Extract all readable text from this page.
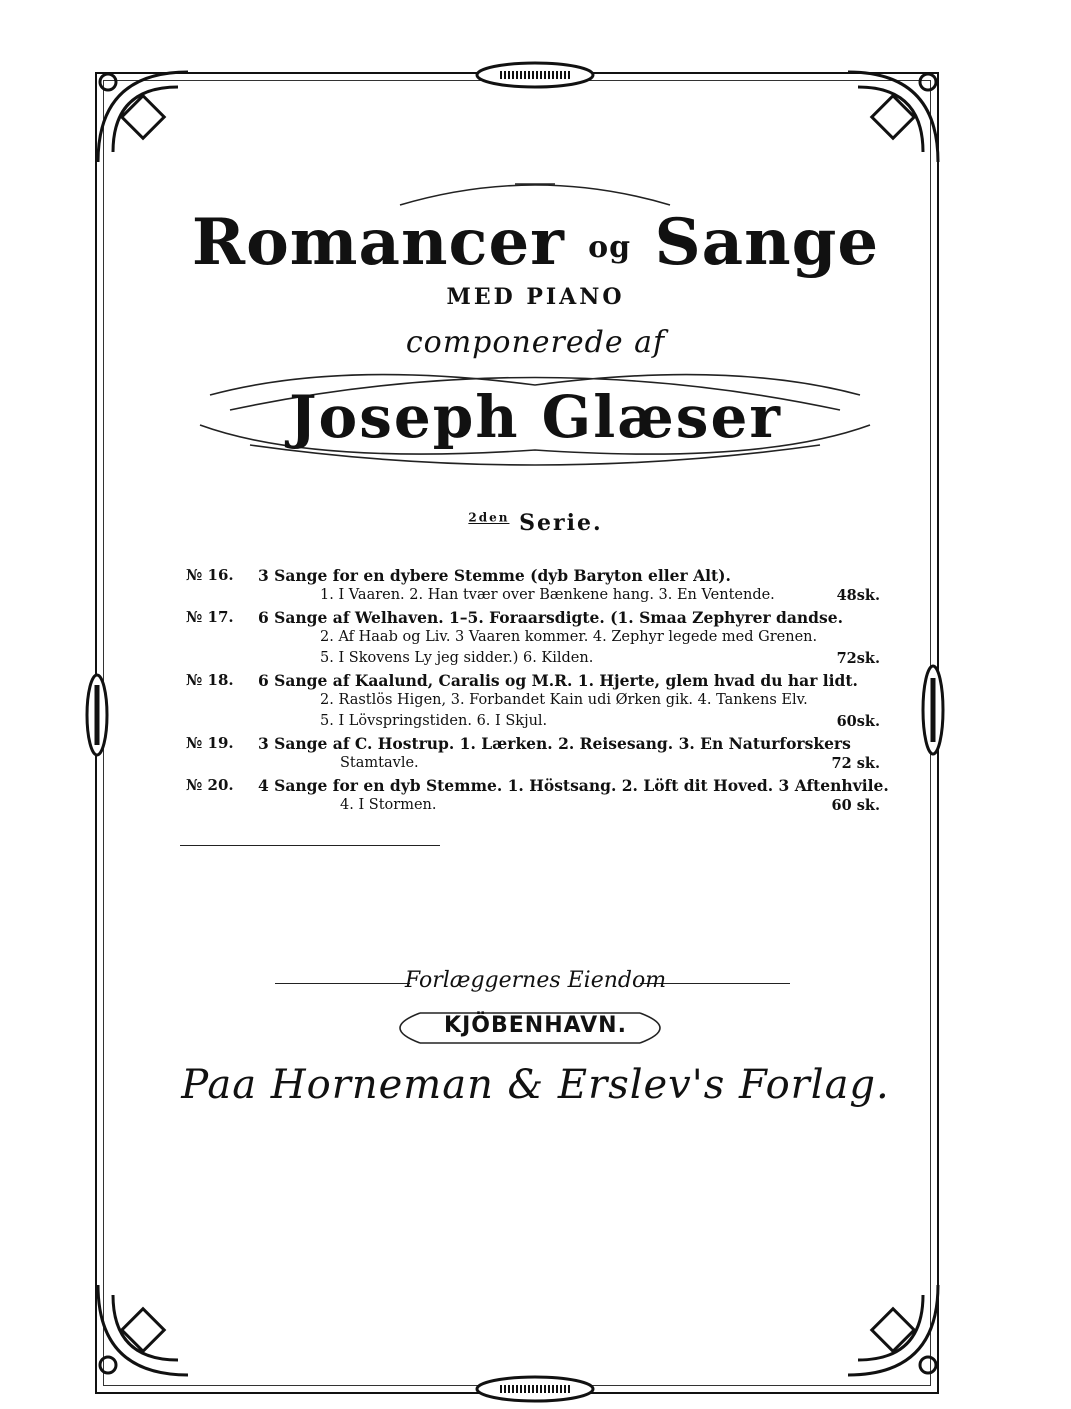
Romancer og Sange
MED PIANO
componerede af
Joseph Glæser
$^{2den}$ Serie.
№ 16. 3 Sange for en dybere Stemme (dyb Baryton eller Alt).
1. I Vaaren. 2. Han tvær over Bænkene hang. 3. En Ventende.	48sk.
№ 17. 6 Sange af Welhaven. 1–5. Foraarsdigte. (1. Smaa Zephyrer dandse.
2. Af Haab og Liv. 3 Vaaren kommer. 4. Zephyr legede med Grenen.
5. I Skovens Ly jeg sidder.) 6. Kilden.	72sk.
№ 18. 6 Sange af Kaalund, Caralis og M.R. 1. Hjerte, glem hvad du har lidt.
2. Rastlös Higen, 3. Forbandet Kain udi Ørken gik. 4. Tankens Elv.
5. I Lövspringstiden. 6. I Skjul.	60sk.
№ 19. 3 Sange af C. Hostrup. 1. Lærken. 2. Reisesang. 3. En Naturforskers
Stamtavle.	72 sk.
№ 20. 4 Sange for en dyb Stemme. 1. Höstsang. 2. Löft dit Hoved. 3 Aftenhvile.
4. I Stormen.	60 sk.
Forlæggernes Eiendom
KJÖBENHAVN.
Paa Horneman & Erslev's Forlag.
